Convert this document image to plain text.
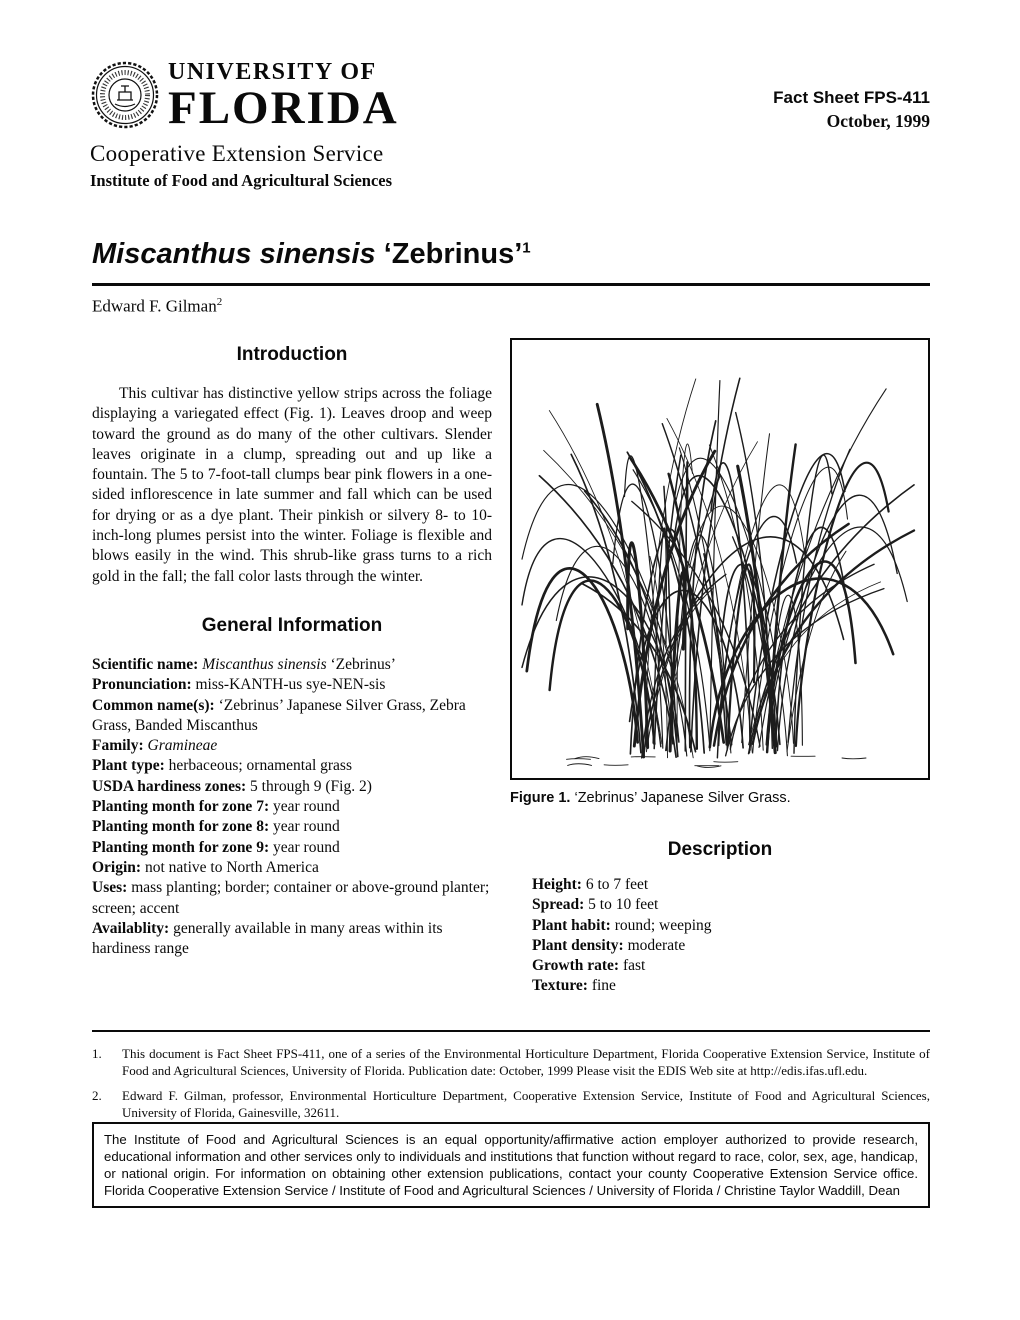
UNIVERSITY OF
FLORIDA
Cooperative Extension Service
Institute of Food and Agricultural Sciences
Fact Sheet FPS-411
October, 1999
Miscanthus sinensis ‘Zebrinus’$^1$
Edward F. Gilman$^2$
Introduction

This cultivar has distinctive yellow strips across the foliage displaying a variegated effect (Fig. 1). Leaves droop and weep toward the ground as do many of the other cultivars. Slender leaves originate in a clump, spreading out and up like a fountain. The 5 to 7-foot-tall clumps bear pink flowers in a one-sided inflorescence in late summer and fall which can be used for drying or as a dye plant. Their pinkish or silvery 8- to 10-inch-long plumes persist into the winter. Foliage is flexible and blows easily in the wind. This shrub-like grass turns to a rich gold in the fall; the fall color lasts through the winter.

General Information

Scientific name: Miscanthus sinensis ‘Zebrinus’

Pronunciation: miss-KANTH-us sye-NEN-sis

Common name(s): ‘Zebrinus’ Japanese Silver Grass, Zebra Grass, Banded Miscanthus

Family: Gramineae

Plant type: herbaceous; ornamental grass

USDA hardiness zones: 5 through 9 (Fig. 2)

Planting month for zone 7: year round

Planting month for zone 8: year round

Planting month for zone 9: year round

Origin: not native to North America

Uses: mass planting; border; container or above-ground planter; screen; accent

Availablity: generally available in many areas within its hardiness range

Figure 1. ‘Zebrinus’ Japanese Silver Grass.
Description

Height: 6 to 7 feet

Spread: 5 to 10 feet

Plant habit: round; weeping

Plant density: moderate

Growth rate: fast

Texture: fine

1.	This document is Fact Sheet FPS-411, one of a series of the Environmental Horticulture Department, Florida Cooperative Extension Service, Institute of Food and Agricultural Sciences, University of Florida. Publication date: October, 1999 Please visit the EDIS Web site at http://edis.ifas.ufl.edu.
2.	Edward F. Gilman, professor, Environmental Horticulture Department, Cooperative Extension Service, Institute of Food and Agricultural Sciences, University of Florida, Gainesville, 32611.
The Institute of Food and Agricultural Sciences is an equal opportunity/affirmative action employer authorized to provide research, educational information and other services only to individuals and institutions that function without regard to race, color, sex, age, handicap, or national origin. For information on obtaining other extension publications, contact your county Cooperative Extension Service office. Florida Cooperative Extension Service / Institute of Food and Agricultural Sciences / University of Florida / Christine Taylor Waddill, Dean
